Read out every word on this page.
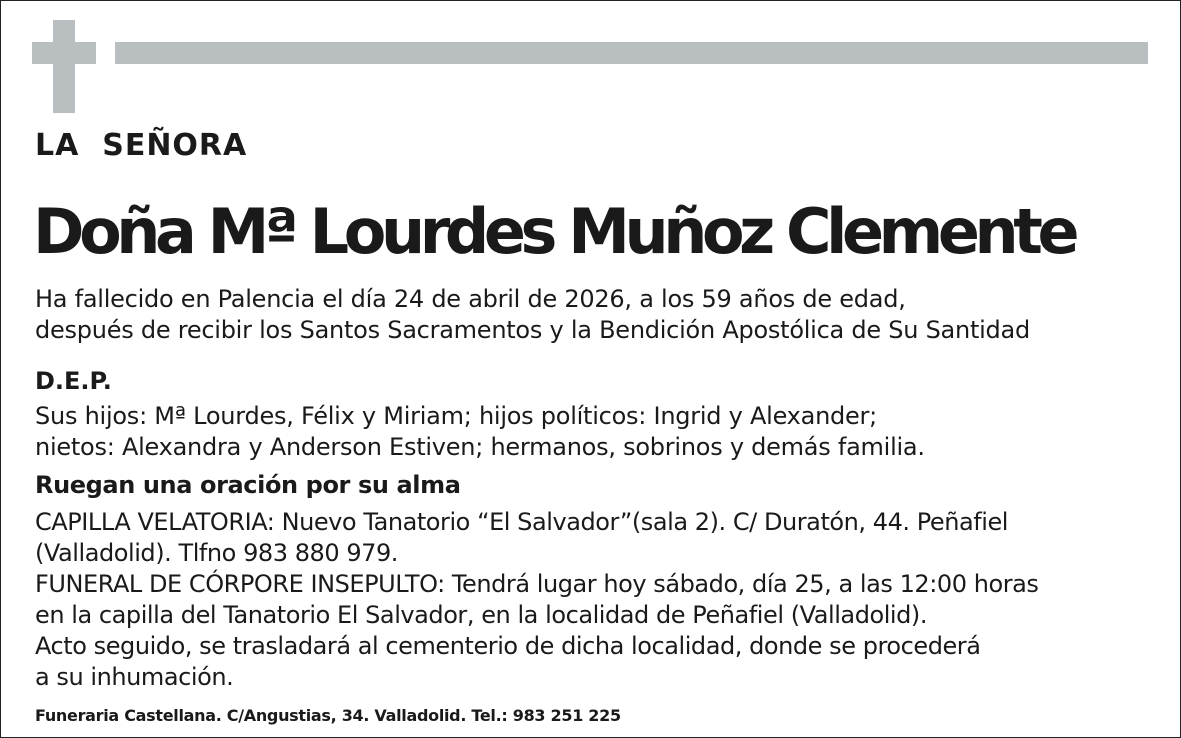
LA  SEÑORA

Doña Mª Lourdes Muñoz Clemente

Ha fallecido en Palencia el día 24 de abril de 2026, a los 59 años de edad,
después de recibir los Santos Sacramentos y la Bendición Apostólica de Su Santidad

D.E.P.

Sus hijos: Mª Lourdes, Félix y Miriam; hijos políticos: Ingrid y Alexander;
nietos: Alexandra y Anderson Estiven; hermanos, sobrinos y demás familia.

Ruegan una oración por su alma

CAPILLA VELATORIA: Nuevo Tanatorio “El Salvador”(sala 2). C/ Duratón, 44. Peñafiel
(Valladolid). Tlfno 983 880 979.
FUNERAL DE CÓRPORE INSEPULTO: Tendrá lugar hoy sábado, día 25, a las 12:00 horas
en la capilla del Tanatorio El Salvador, en la localidad de Peñafiel (Valladolid).
Acto seguido, se trasladará al cementerio de dicha localidad, donde se procederá
a su inhumación.

Funeraria Castellana. C/Angustias, 34. Valladolid. Tel.: 983 251 225
